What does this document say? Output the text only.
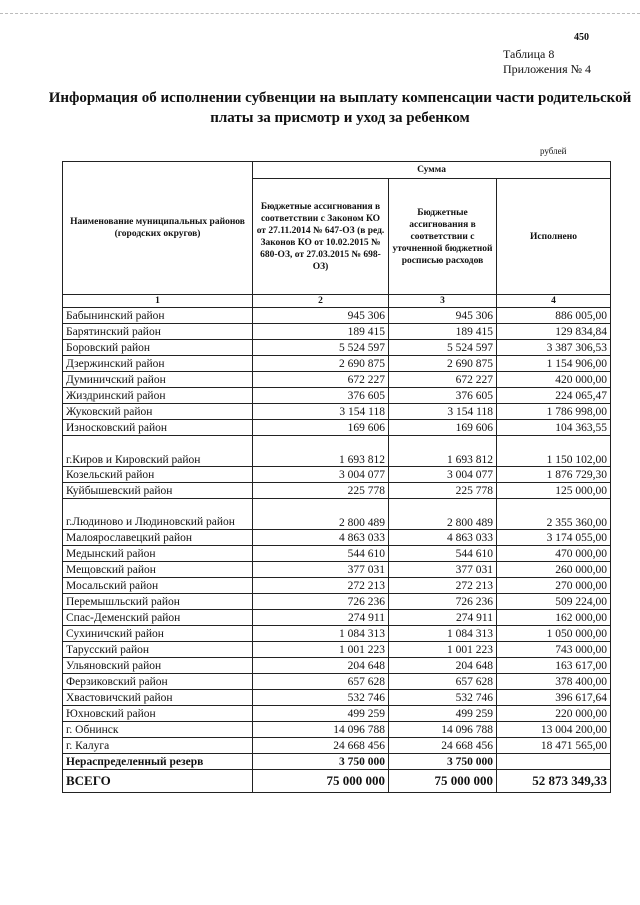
450
Таблица 8
Приложения № 4
Информация об исполнении субвенции на выплату компенсации части родительской платы за присмотр и уход за ребенком
рублей
Наименование муниципальных районов (городских округов)	Сумма		
	Бюджетные ассигнования в соответствии с Законом КО от 27.11.2014 № 647-ОЗ (в ред. Законов КО от 10.02.2015 № 680-ОЗ, от 27.03.2015 № 698-ОЗ)	Бюджетные ассигнования в соответствии с уточненной бюджетной росписью расходов	Исполнено
1	2	3	4
Бабынинский район	945 306	945 306	886 005,00
Барятинский район	189 415	189 415	129 834,84
Боровский район	5 524 597	5 524 597	3 387 306,53
Дзержинский район	2 690 875	2 690 875	1 154 906,00
Думиничский район	672 227	672 227	420 000,00
Жиздринский район	376 605	376 605	224 065,47
Жуковский район	3 154 118	3 154 118	1 786 998,00
Износковский район	169 606	169 606	104 363,55
г.Киров и Кировский район	1 693 812	1 693 812	1 150 102,00
Козельский район	3 004 077	3 004 077	1 876 729,30
Куйбышевский район	225 778	225 778	125 000,00
г.Людиново и Людиновский район	2 800 489	2 800 489	2 355 360,00
Малоярославецкий район	4 863 033	4 863 033	3 174 055,00
Медынский район	544 610	544 610	470 000,00
Мещовский район	377 031	377 031	260 000,00
Мосальский район	272 213	272 213	270 000,00
Перемышльский район	726 236	726 236	509 224,00
Спас-Деменский район	274 911	274 911	162 000,00
Сухиничский район	1 084 313	1 084 313	1 050 000,00
Тарусский район	1 001 223	1 001 223	743 000,00
Ульяновский район	204 648	204 648	163 617,00
Ферзиковский район	657 628	657 628	378 400,00
Хвастовичский район	532 746	532 746	396 617,64
Юхновский район	499 259	499 259	220 000,00
г. Обнинск	14 096 788	14 096 788	13 004 200,00
г. Калуга	24 668 456	24 668 456	18 471 565,00
Нераспределенный резерв	3 750 000	3 750 000	
ВСЕГО	75 000 000	75 000 000	52 873 349,33
